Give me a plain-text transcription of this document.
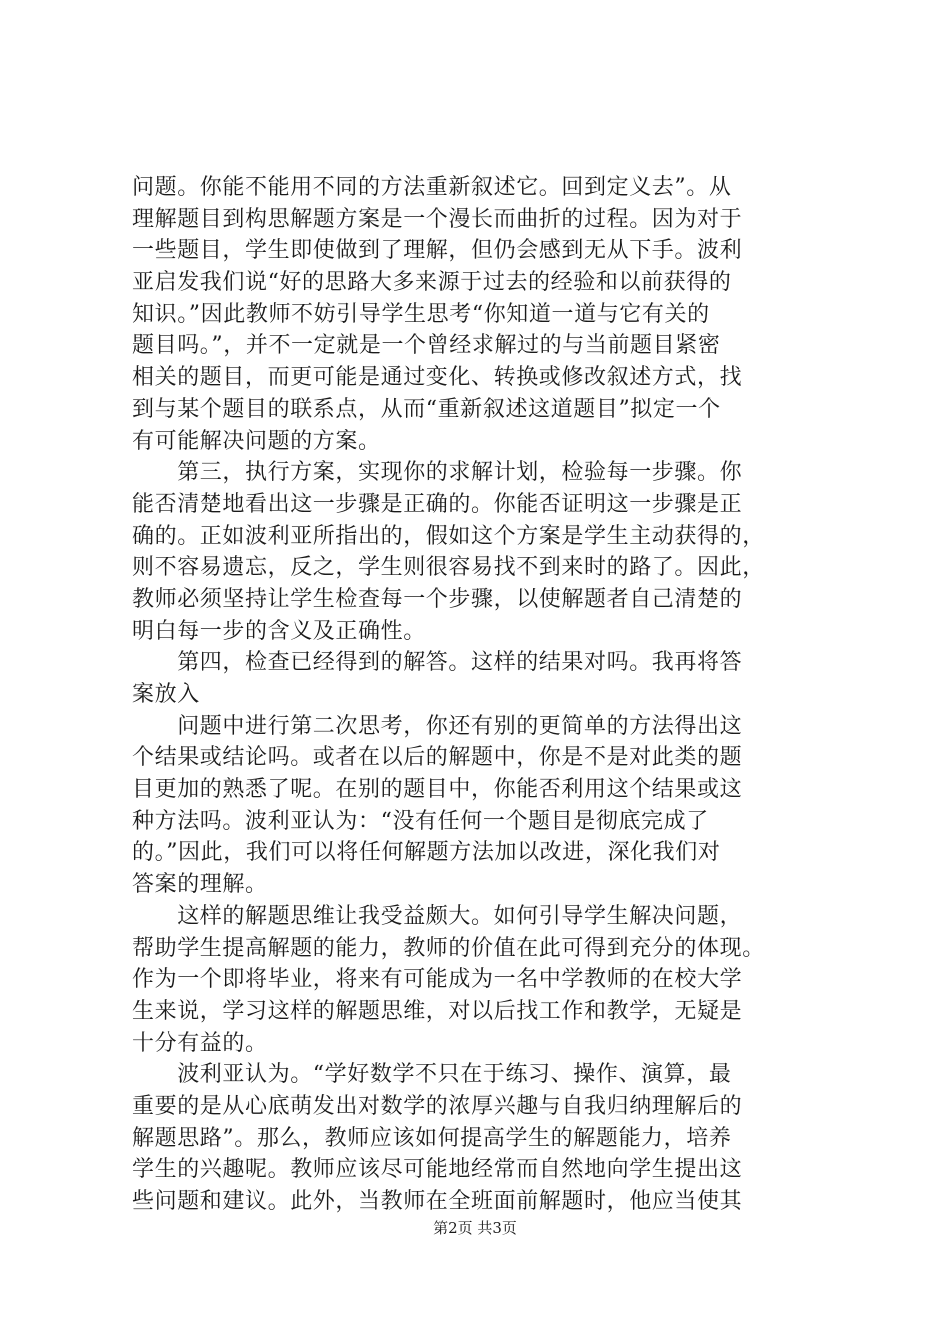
问题。你能不能用不同的方法重新叙述它。回到定义去”。从
理解题目到构思解题方案是一个漫长而曲折的过程。因为对于
一些题目，学生即使做到了理解，但仍会感到无从下手。波利
亚启发我们说“好的思路大多来源于过去的经验和以前获得的
知识。”因此教师不妨引导学生思考“你知道一道与它有关的
题目吗。”，并不一定就是一个曾经求解过的与当前题目紧密
相关的题目，而更可能是通过变化、转换或修改叙述方式，找
到与某个题目的联系点，从而“重新叙述这道题目”拟定一个
有可能解决问题的方案。
　　第三，执行方案，实现你的求解计划，检验每一步骤。你
能否清楚地看出这一步骤是正确的。你能否证明这一步骤是正
确的。正如波利亚所指出的，假如这个方案是学生主动获得的，
则不容易遗忘，反之，学生则很容易找不到来时的路了。因此，
教师必须坚持让学生检查每一个步骤，以使解题者自己清楚的
明白每一步的含义及正确性。
　　第四，检查已经得到的解答。这样的结果对吗。我再将答
案放入
　　问题中进行第二次思考，你还有别的更简单的方法得出这
个结果或结论吗。或者在以后的解题中，你是不是对此类的题
目更加的熟悉了呢。在别的题目中，你能否利用这个结果或这
种方法吗。波利亚认为：“没有任何一个题目是彻底完成了
的。”因此，我们可以将任何解题方法加以改进，深化我们对
答案的理解。
　　这样的解题思维让我受益颇大。如何引导学生解决问题，
帮助学生提高解题的能力，教师的价值在此可得到充分的体现。
作为一个即将毕业，将来有可能成为一名中学教师的在校大学
生来说，学习这样的解题思维，对以后找工作和教学，无疑是
十分有益的。
　　波利亚认为。“学好数学不只在于练习、操作、演算，最
重要的是从心底萌发出对数学的浓厚兴趣与自我归纳理解后的
解题思路”。那么，教师应该如何提高学生的解题能力，培养
学生的兴趣呢。教师应该尽可能地经常而自然地向学生提出这
些问题和建议。此外，当教师在全班面前解题时，他应当使其
第2页 共3页
